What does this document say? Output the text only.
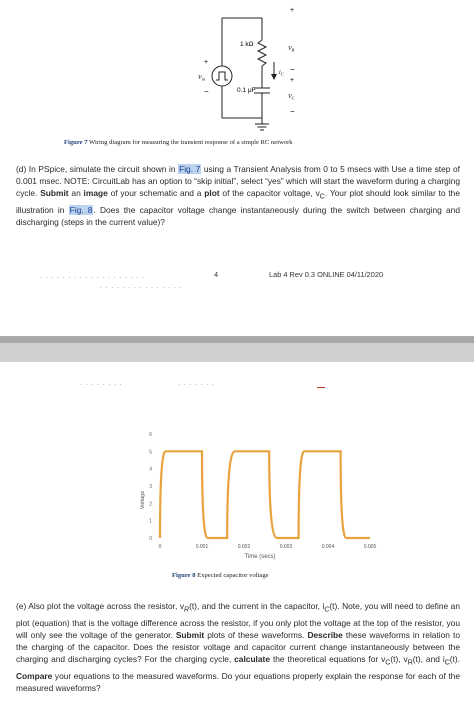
1 kΩ
0.1 μF
+
$V_R$
−
+
$V_C$
−
$i_C$
+
$V_{in}$
−
Figure 7 Wiring diagram for measuring the transient response of a simple RC network
(d) In PSpice, simulate the circuit shown in Fig. 7 using a Transient Analysis from 0 to 5 msecs with Use a time step of 0.001 msec. NOTE: CircuitLab has an option to “skip initial”, select “yes” which will start the waveform during a charging cycle. Submit an image of your schematic and a plot of the capacitor voltage, $v_C$. Your plot should look similar to the illustration in Fig. 8. Does the capacitor voltage change instantaneously during the switch between charging and discharging (steps in the current value)?
4	Lab 4 Rev 0.3 ONLINE 04/11/2020
· · · · · · · · · · · · · · · · · · ·
· · · · · · · · · · · · · · ·
· · · · · · · ·	· · · · · · ·
Voltage
Time (secs)
0
1
2
3
4
5
6
0	0.001	0.002	0.003	0.004	0.005
Figure 8 Expected capacitor voltage
(e) Also plot the voltage across the resistor, $v_R(t)$, and the current in the capacitor, $i_C(t)$. Note, you will need to define an plot (equation) that is the voltage difference across the resistor, if you only plot the voltage at the top of the resistor, you will only see the voltage of the generator. Submit plots of these waveforms. Describe these waveforms in relation to the charging of the capacitor. Does the resistor voltage and capacitor current change instantaneously between the charging and discharging cycles? For the charging cycle, calculate the theoretical equations for $v_C(t)$, $v_R(t)$, and $i_C(t)$. Compare your equations to the measured waveforms. Do your equations properly explain the response for each of the measured waveforms?
